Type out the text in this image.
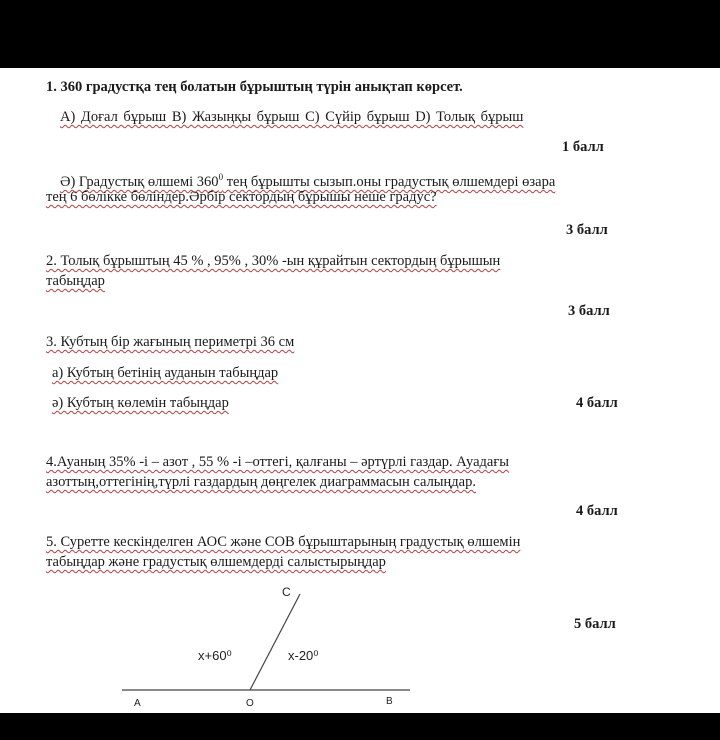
1. 360 градустқа тең болатын бұрыштың түрін анықтап көрсет.
А) Доғал бұрыш В) Жазыңқы бұрыш С) Сүйір бұрыш D) Толық бұрыш
1 балл
Ә) Градустық өлшемі $360^0$ тең бұрышты сызып.оны градустық өлшемдері өзара
тең 6 бөлікке бөліндер.Әрбір сектордың бұрышы неше градус?
3 балл
2. Толық бұрыштың 45 % , 95% , 30% -ын құрайтын сектордың бұрышын
табыңдар
3 балл
3. Кубтың бір жағының периметрі 36 см
а) Кубтың бетінің ауданын табыңдар
ә) Кубтың көлемін табыңдар	4 балл
4.Ауаның 35% -і – азот , 55 % -і –оттегі, қалғаны – әртүрлі газдар. Ауадағы
азоттың,оттегінің,түрлі газдардың дөңгелек диаграммасын салыңдар.
4 балл
5. Суретте кескінделген АОС және СОВ бұрыштарының градустық өлшемін
табыңдар және градустық өлшемдерді салыстырыңдар
5 балл
C
A	O	B
x+60⁰	x-20⁰
